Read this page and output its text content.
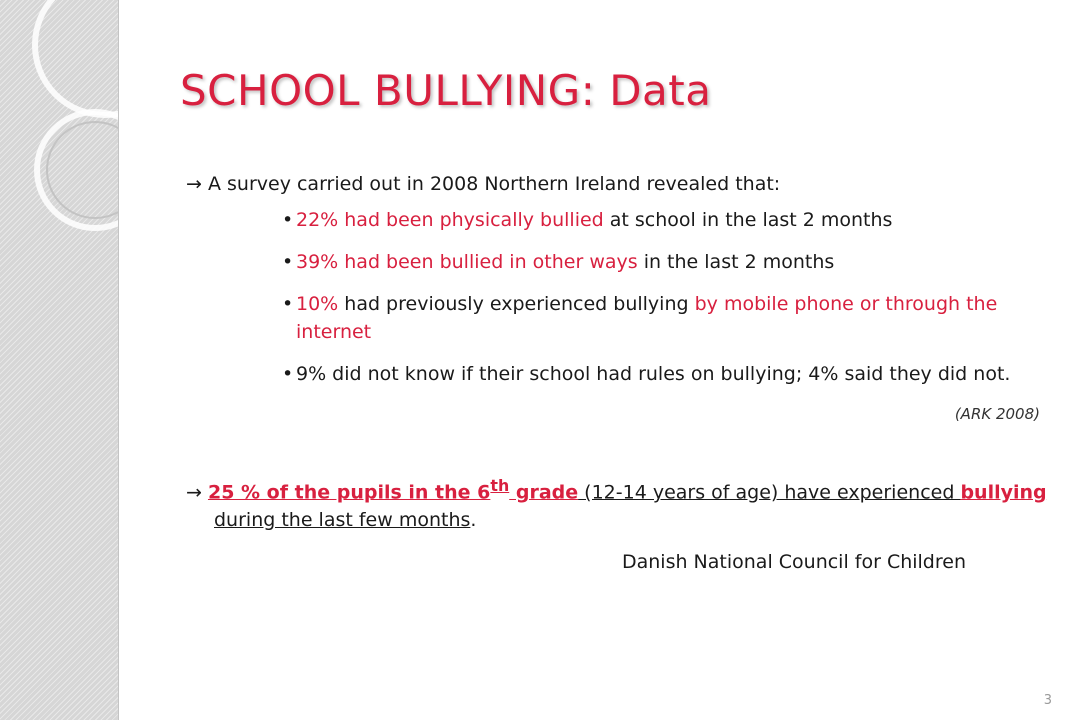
SCHOOL BULLYING: Data

→ A survey carried out in 2008 Northern Ireland revealed that:

• 22% had been physically bullied at school in the last 2 months
• 39% had been bullied in other ways in the last 2 months
• 10% had previously experienced bullying by mobile phone or through the internet
• 9% did not know if their school had rules on bullying; 4% said they did not.

(ARK 2008)

→ 25 % of the pupils in the 6th grade (12-14 years of age) have experienced bullying during the last few months.

Danish National Council for Children

3
